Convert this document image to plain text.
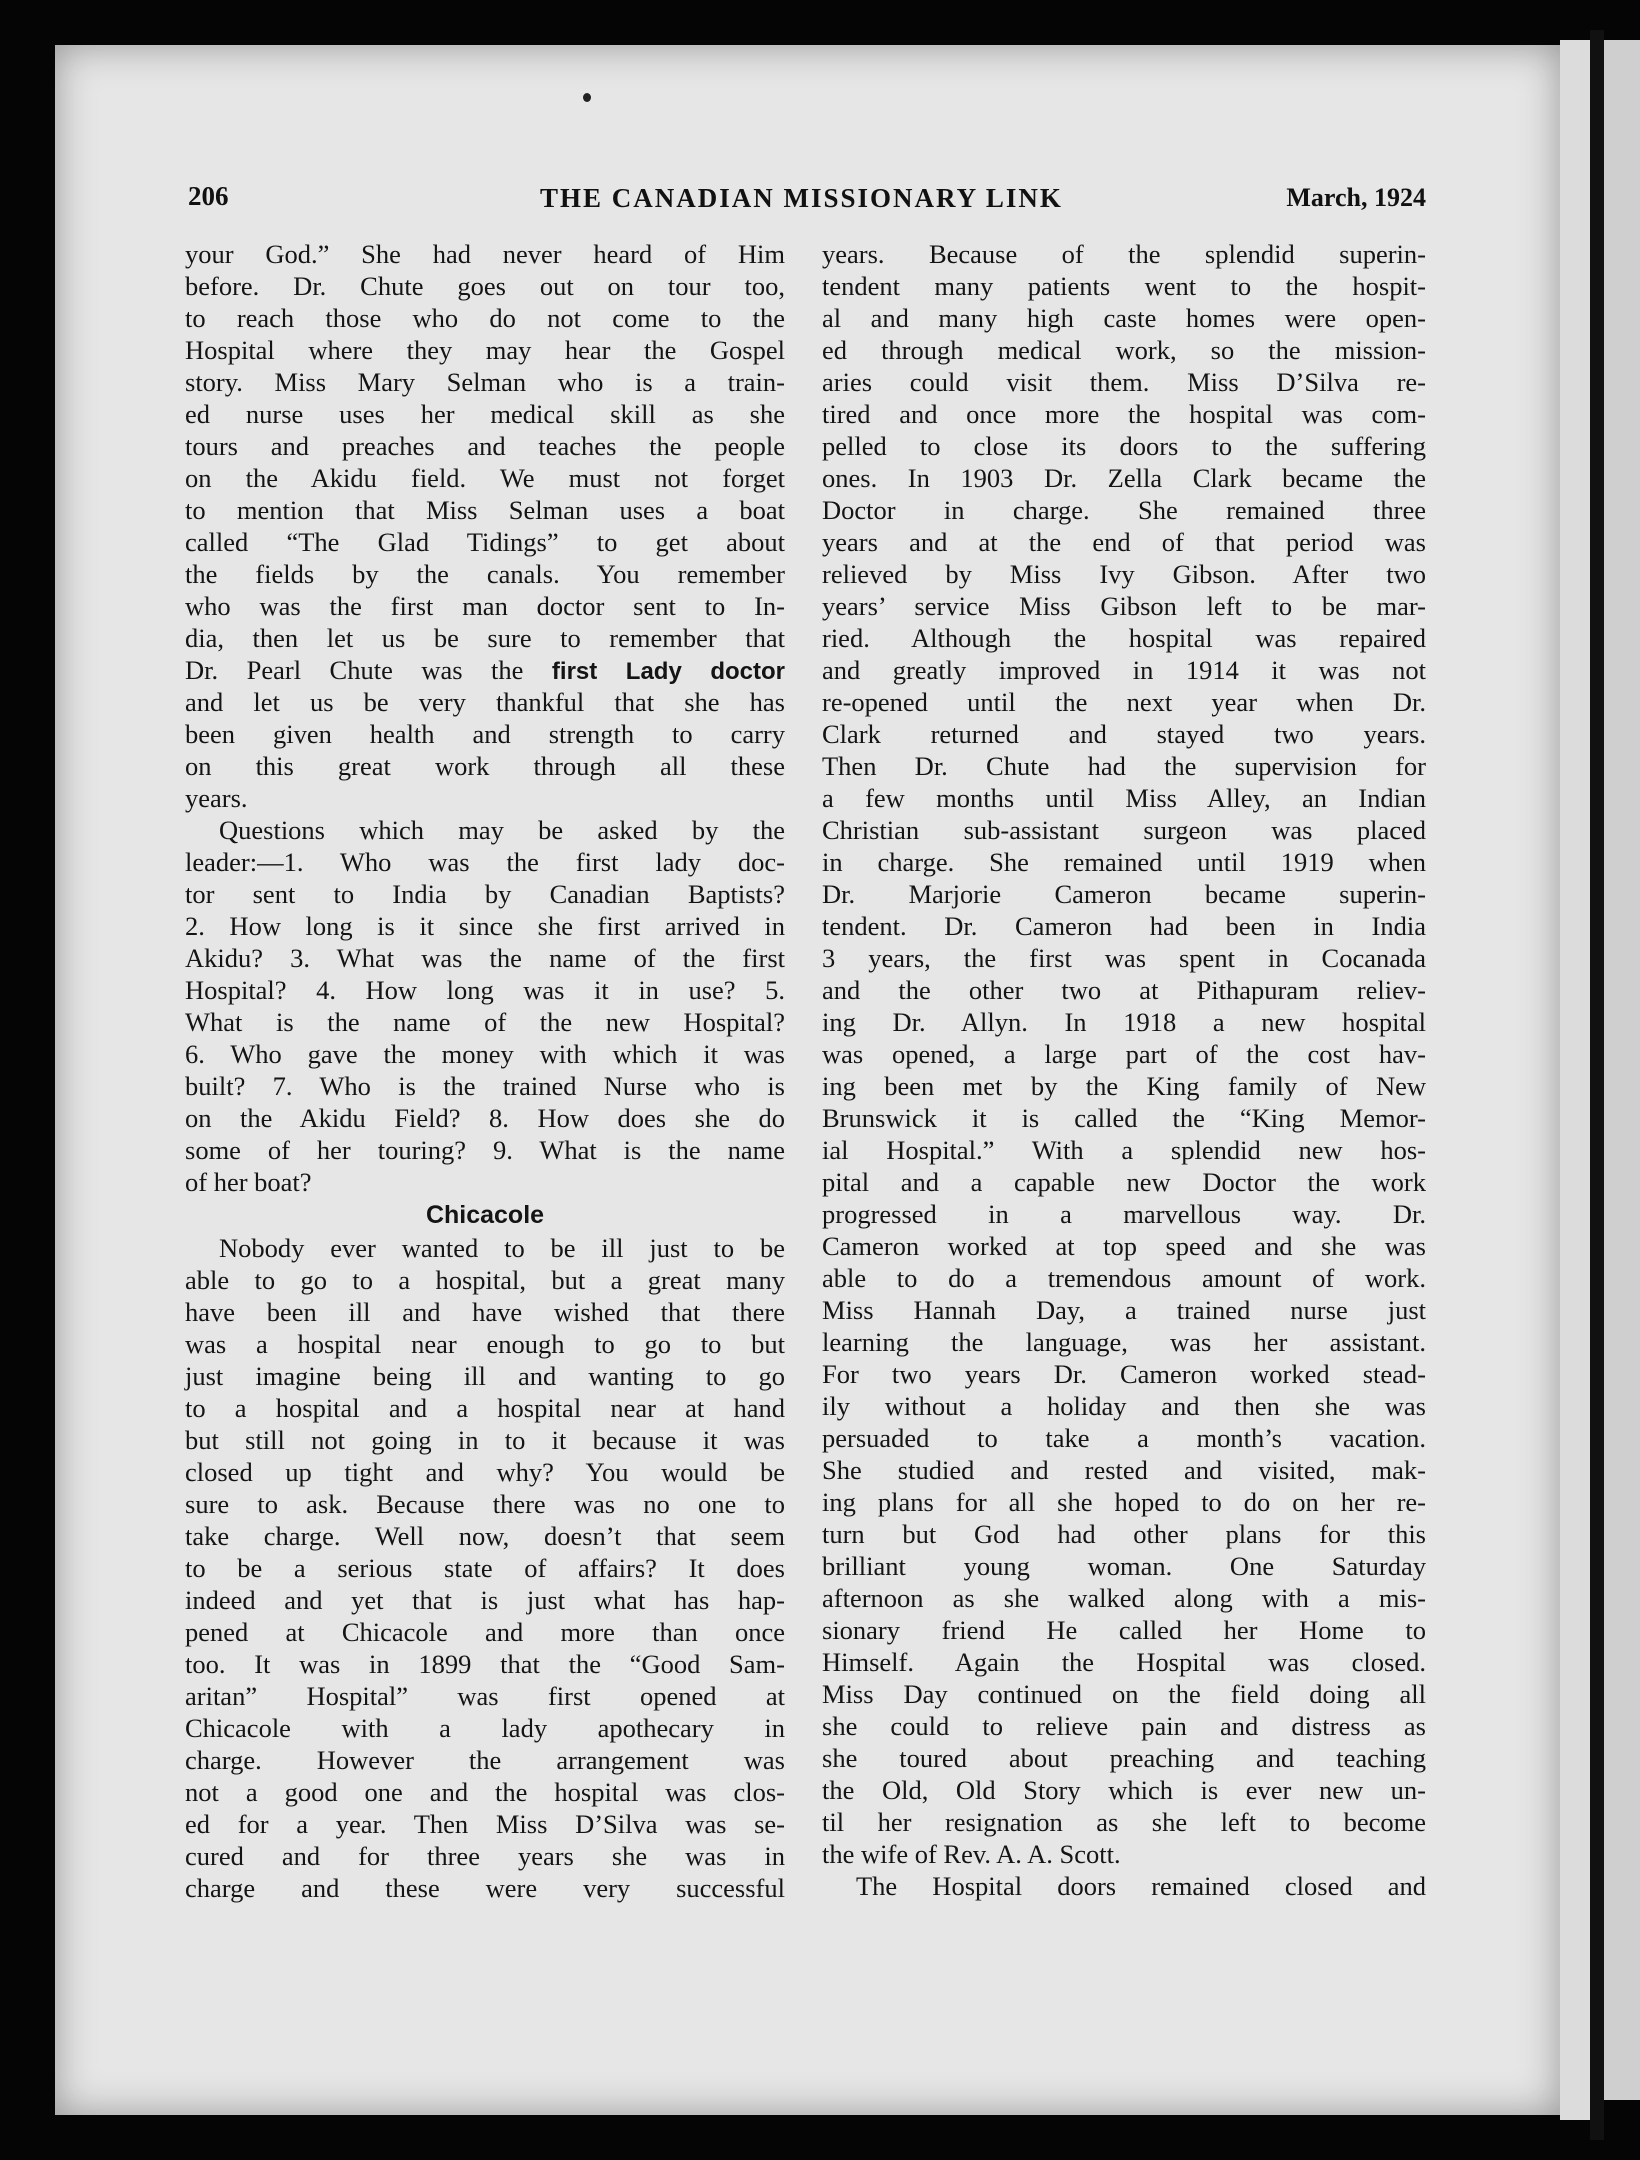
206	THE CANADIAN MISSIONARY LINK	March, 1924
your God.” She had never heard of Him
before. Dr. Chute goes out on tour too,
to reach those who do not come to the
Hospital where they may hear the Gospel
story. Miss Mary Selman who is a train-
ed nurse uses her medical skill as she
tours and preaches and teaches the people
on the Akidu field. We must not forget
to mention that Miss Selman uses a boat
called “The Glad Tidings” to get about
the fields by the canals. You remember
who was the first man doctor sent to In-
dia, then let us be sure to remember that
Dr. Pearl Chute was the first Lady doctor
and let us be very thankful that she has
been given health and strength to carry
on this great work through all these
years.
Questions which may be asked by the
leader:—1. Who was the first lady doc-
tor sent to India by Canadian Baptists?
2. How long is it since she first arrived in
Akidu? 3. What was the name of the first
Hospital? 4. How long was it in use? 5.
What is the name of the new Hospital?
6. Who gave the money with which it was
built? 7. Who is the trained Nurse who is
on the Akidu Field? 8. How does she do
some of her touring? 9. What is the name
of her boat?
Chicacole
Nobody ever wanted to be ill just to be
able to go to a hospital, but a great many
have been ill and have wished that there
was a hospital near enough to go to but
just imagine being ill and wanting to go
to a hospital and a hospital near at hand
but still not going in to it because it was
closed up tight and why? You would be
sure to ask. Because there was no one to
take charge. Well now, doesn’t that seem
to be a serious state of affairs? It does
indeed and yet that is just what has hap-
pened at Chicacole and more than once
too. It was in 1899 that the “Good Sam-
aritan” Hospital” was first opened at
Chicacole with a lady apothecary in
charge. However the arrangement was
not a good one and the hospital was clos-
ed for a year. Then Miss D’Silva was se-
cured and for three years she was in
charge and these were very successful
years. Because of the splendid superin-
tendent many patients went to the hospit-
al and many high caste homes were open-
ed through medical work, so the mission-
aries could visit them. Miss D’Silva re-
tired and once more the hospital was com-
pelled to close its doors to the suffering
ones. In 1903 Dr. Zella Clark became the
Doctor in charge. She remained three
years and at the end of that period was
relieved by Miss Ivy Gibson. After two
years’ service Miss Gibson left to be mar-
ried. Although the hospital was repaired
and greatly improved in 1914 it was not
re-opened until the next year when Dr.
Clark returned and stayed two years.
Then Dr. Chute had the supervision for
a few months until Miss Alley, an Indian
Christian sub-assistant surgeon was placed
in charge. She remained until 1919 when
Dr. Marjorie Cameron became superin-
tendent. Dr. Cameron had been in India
3 years, the first was spent in Cocanada
and the other two at Pithapuram reliev-
ing Dr. Allyn. In 1918 a new hospital
was opened, a large part of the cost hav-
ing been met by the King family of New
Brunswick it is called the “King Memor-
ial Hospital.” With a splendid new hos-
pital and a capable new Doctor the work
progressed in a marvellous way. Dr.
Cameron worked at top speed and she was
able to do a tremendous amount of work.
Miss Hannah Day, a trained nurse just
learning the language, was her assistant.
For two years Dr. Cameron worked stead-
ily without a holiday and then she was
persuaded to take a month’s vacation.
She studied and rested and visited, mak-
ing plans for all she hoped to do on her re-
turn but God had other plans for this
brilliant young woman. One Saturday
afternoon as she walked along with a mis-
sionary friend He called her Home to
Himself. Again the Hospital was closed.
Miss Day continued on the field doing all
she could to relieve pain and distress as
she toured about preaching and teaching
the Old, Old Story which is ever new un-
til her resignation as she left to become
the wife of Rev. A. A. Scott.
The Hospital doors remained closed and
